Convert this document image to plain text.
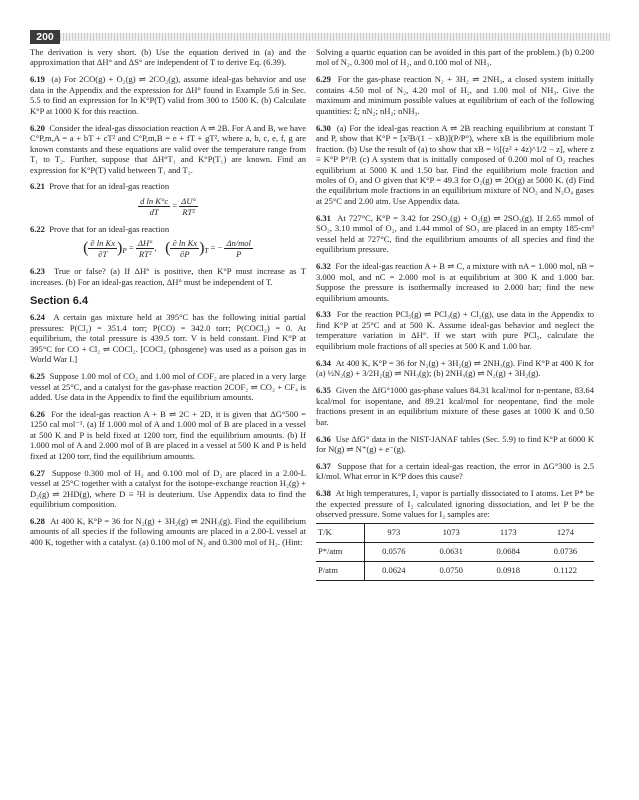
200

The derivation is very short. (b) Use the equation derived in (a) and the approximation that ΔH° and ΔS° are independent of T to derive Eq. (6.39).

6.19 (a) For 2CO(g) + O₂(g) ⇌ 2CO₂(g), assume ideal-gas behavior and use data in the Appendix and the expression for ΔH° found in Example 5.6 in Sec. 5.5 to find an expression for ln K°P(T) valid from 300 to 1500 K. (b) Calculate K°P at 1000 K for this reaction.

6.20 Consider the ideal-gas dissociation reaction A ⇌ 2B. For A and B, we have C°P,m,A = a + bT + cT² and C°P,m,B = e + fT + gT², where a, b, c, e, f, g are known constants and these equations are valid over the temperature range from T₁ to T₂. Further, suppose that ΔH°T₁ and K°P(T₁) are known. Find an expression for K°P(T) valid between T₁ and T₂.

6.21 Prove that for an ideal-gas reaction

$\frac{\text{d ln K°c}}{dT} = \frac{\Delta U^\circ}{\text{RT²}}$

6.22 Prove that for an ideal-gas reaction

( $\frac{\text{∂ ln Kx}}{\partial T} )_P = \frac{\Delta H^\circ}{\text{RT²}}$ , ( $\frac{\text{∂ ln Kx}}{\partial P} )_T$ = − $\frac{\text{Δn/mol}}{P}$

6.23 True or false? (a) If ΔH° is positive, then K°P must increase as T increases. (b) For an ideal-gas reaction, ΔH° must be independent of T.

Section 6.4

6.24 A certain gas mixture held at 395°C has the following initial partial pressures: P(Cl₂) = 351.4 torr; P(CO) = 342.0 torr; P(COCl₂) = 0. At equilibrium, the total pressure is 439.5 torr. V is held constant. Find K°P at 395°C for CO + Cl₂ ⇌ COCl₂. [COCl₂ (phosgene) was used as a poison gas in World War I.]

6.25 Suppose 1.00 mol of CO₂ and 1.00 mol of COF₂ are placed in a very large vessel at 25°C, and a catalyst for the gas-phase reaction 2COF₂ ⇌ CO₂ + CF₄ is added. Use data in the Appendix to find the equilibrium amounts.

6.26 For the ideal-gas reaction A + B ⇌ 2C + 2D, it is given that ΔG°500 = 1250 cal mol⁻¹. (a) If 1.000 mol of A and 1.000 mol of B are placed in a vessel at 500 K and P is held fixed at 1200 torr, find the equilibrium amounts. (b) If 1.000 mol of A and 2.000 mol of B are placed in a vessel at 500 K and P is held fixed at 1200 torr, find the equilibrium amounts.

6.27 Suppose 0.300 mol of H₂ and 0.100 mol of D₂ are placed in a 2.00-L vessel at 25°C together with a catalyst for the isotope-exchange reaction H₂(g) + D₂(g) ⇌ 2HD(g), where D ≡ ²H is deuterium. Use Appendix data to find the equilibrium composition.

6.28 At 400 K, K°P = 36 for N₂(g) + 3H₂(g) ⇌ 2NH₃(g). Find the equilibrium amounts of all species if the following amounts are placed in a 2.00-L vessel at 400 K, together with a catalyst. (a) 0.100 mol of N₂ and 0.300 mol of H₂. (Hint:

Solving a quartic equation can be avoided in this part of the problem.) (b) 0.200 mol of N₂, 0.300 mol of H₂, and 0.100 mol of NH₃.

6.29 For the gas-phase reaction N₂ + 3H₂ ⇌ 2NH₃, a closed system initially contains 4.50 mol of N₂, 4.20 mol of H₂, and 1.00 mol of NH₃. Give the maximum and minimum possible values at equilibrium of each of the following quantities: ξ; nN₂; nH₂; nNH₃.

6.30 (a) For the ideal-gas reaction A ⇌ 2B reaching equilibrium at constant T and P, show that K°P = [x²B/(1 − xB)](P/P°), where xB is the equilibrium mole fraction. (b) Use the result of (a) to show that xB = ½[(z² + 4z)^1/2 − z], where z ≡ K°P P°/P. (c) A system that is initially composed of 0.200 mol of O₂ reaches equilibrium at 5000 K and 1.50 bar. Find the equilibrium mole fraction and moles of O₂ and O given that K°P = 49.3 for O₂(g) ⇌ 2O(g) at 5000 K. (d) Find the equilibrium mole fractions in an equilibrium mixture of NO₂ and N₂O₄ gases at 25°C and 2.00 atm. Use Appendix data.

6.31 At 727°C, K°P = 3.42 for 2SO₂(g) + O₂(g) ⇌ 2SO₃(g). If 2.65 mmol of SO₂, 3.10 mmol of O₂, and 1.44 mmol of SO₃ are placed in an empty 185-cm³ vessel held at 727°C, find the equilibrium amounts of all species and find the equilibrium pressure.

6.32 For the ideal-gas reaction A + B ⇌ C, a mixture with nA = 1.000 mol, nB = 3.000 mol, and nC = 2.000 mol is at equilibrium at 300 K and 1.000 bar. Suppose the pressure is isothermally increased to 2.000 bar; find the new equilibrium amounts.

6.33 For the reaction PCl₅(g) ⇌ PCl₃(g) + Cl₂(g), use data in the Appendix to find K°P at 25°C and at 500 K. Assume ideal-gas behavior and neglect the temperature variation in ΔH°. If we start with pure PCl₅, calculate the equilibrium mole fractions of all species at 500 K and 1.00 bar.

6.34 At 400 K, K°P = 36 for N₂(g) + 3H₂(g) ⇌ 2NH₃(g). Find K°P at 400 K for (a) ½N₂(g) + 3/2H₂(g) ⇌ NH₃(g); (b) 2NH₃(g) ⇌ N₂(g) + 3H₂(g).

6.35 Given the ΔfG°1000 gas-phase values 84.31 kcal/mol for n-pentane, 83.64 kcal/mol for isopentane, and 89.21 kcal/mol for neopentane, find the mole fractions present in an equilibrium mixture of these gases at 1000 K and 0.50 bar.

6.36 Use ΔfG° data in the NIST-JANAF tables (Sec. 5.9) to find K°P at 6000 K for N(g) ⇌ N⁺(g) + e⁻(g).

6.37 Suppose that for a certain ideal-gas reaction, the error in ΔG°300 is 2.5 kJ/mol. What error in K°P does this cause?

6.38 At high temperatures, I₂ vapor is partially dissociated to I atoms. Let P* be the expected pressure of I₂ calculated ignoring dissociation, and let P be the observed pressure. Some values for I₂ samples are:

T/K	973	1073	1173	1274
P*/atm	0.0576	0.0631	0.0684	0.0736
P/atm	0.0624	0.0750	0.0918	0.1122
